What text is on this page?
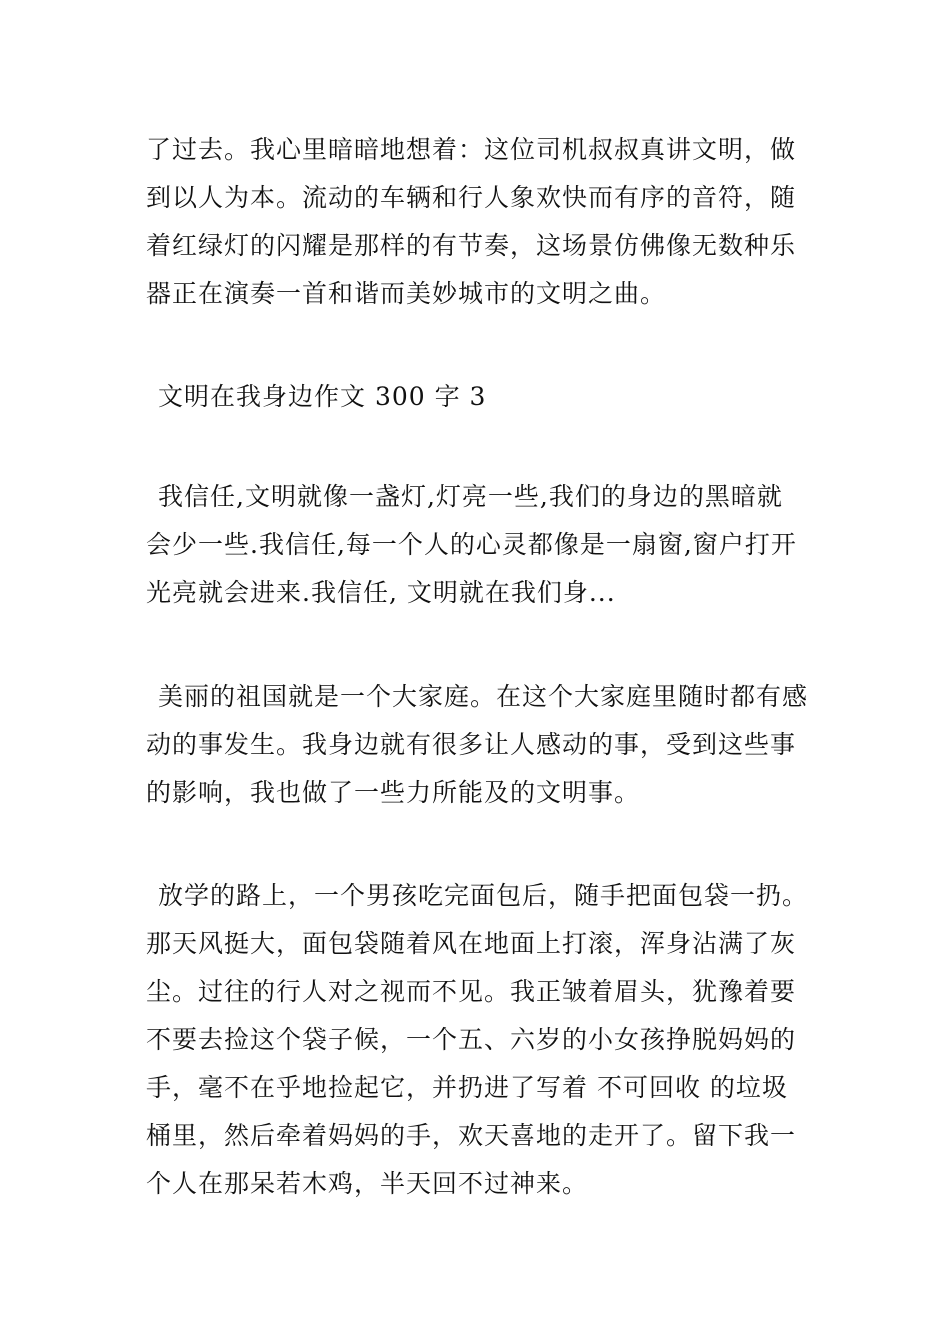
了过去。我心里暗暗地想着：这位司机叔叔真讲文明，做
到以人为本。流动的车辆和行人象欢快而有序的音符，随
着红绿灯的闪耀是那样的有节奏，这场景仿佛像无数种乐
器正在演奏一首和谐而美妙城市的文明之曲。

文明在我身边作文 300 字 3

我信任,文明就像一盏灯,灯亮一些,我们的身边的黑暗就
会少一些.我信任,每一个人的心灵都像是一扇窗,窗户打开
光亮就会进来.我信任, 文明就在我们身...

美丽的祖国就是一个大家庭。在这个大家庭里随时都有感
动的事发生。我身边就有很多让人感动的事，受到这些事
的影响，我也做了一些力所能及的文明事。

放学的路上，一个男孩吃完面包后，随手把面包袋一扔。
那天风挺大，面包袋随着风在地面上打滚，浑身沾满了灰
尘。过往的行人对之视而不见。我正皱着眉头，犹豫着要
不要去捡这个袋子候，一个五、六岁的小女孩挣脱妈妈的
手，毫不在乎地捡起它，并扔进了写着 不可回收 的垃圾
桶里，然后牵着妈妈的手，欢天喜地的走开了。留下我一
个人在那呆若木鸡，半天回不过神来。
